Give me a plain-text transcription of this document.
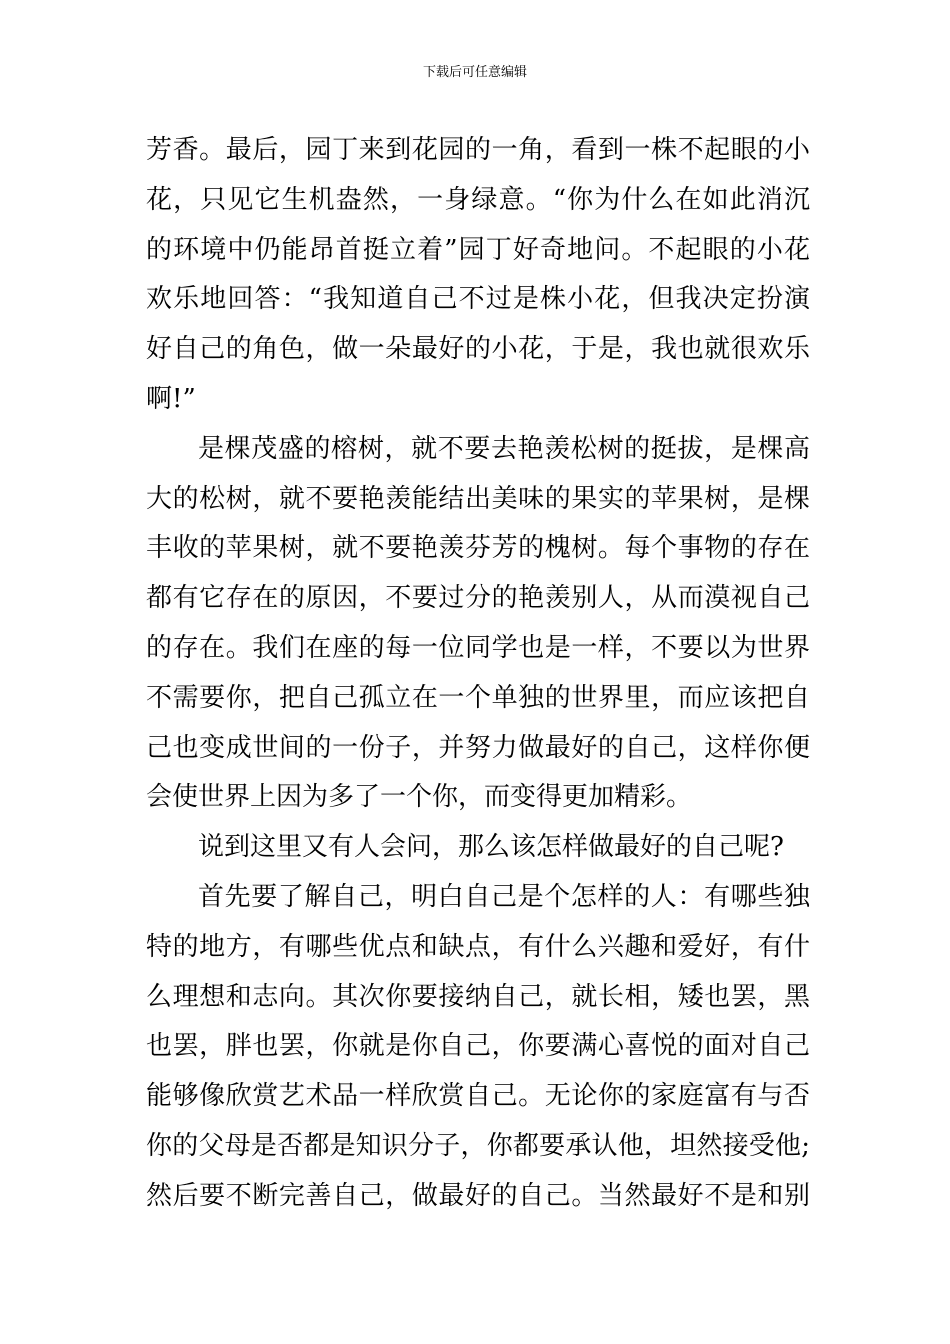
下载后可任意编辑
芳香。最后，园丁来到花园的一角，看到一株不起眼的小
花，只见它生机盎然，一身绿意。“你为什么在如此消沉
的环境中仍能昂首挺立着”园丁好奇地问。不起眼的小花
欢乐地回答：“我知道自己不过是株小花，但我决定扮演
好自己的角色，做一朵最好的小花，于是，我也就很欢乐
啊!”
是棵茂盛的榕树，就不要去艳羡松树的挺拔，是棵高
大的松树，就不要艳羡能结出美味的果实的苹果树，是棵
丰收的苹果树，就不要艳羡芬芳的槐树。每个事物的存在
都有它存在的原因，不要过分的艳羡别人，从而漠视自己
的存在。我们在座的每一位同学也是一样，不要以为世界
不需要你，把自己孤立在一个单独的世界里，而应该把自
己也变成世间的一份子，并努力做最好的自己，这样你便
会使世界上因为多了一个你，而变得更加精彩。
说到这里又有人会问，那么该怎样做最好的自己呢?
首先要了解自己，明白自己是个怎样的人：有哪些独
特的地方，有哪些优点和缺点，有什么兴趣和爱好，有什
么理想和志向。其次你要接纳自己，就长相，矮也罢，黑
也罢，胖也罢，你就是你自己，你要满心喜悦的面对自己
能够像欣赏艺术品一样欣赏自己。无论你的家庭富有与否
你的父母是否都是知识分子，你都要承认他，坦然接受他;
然后要不断完善自己，做最好的自己。当然最好不是和别
